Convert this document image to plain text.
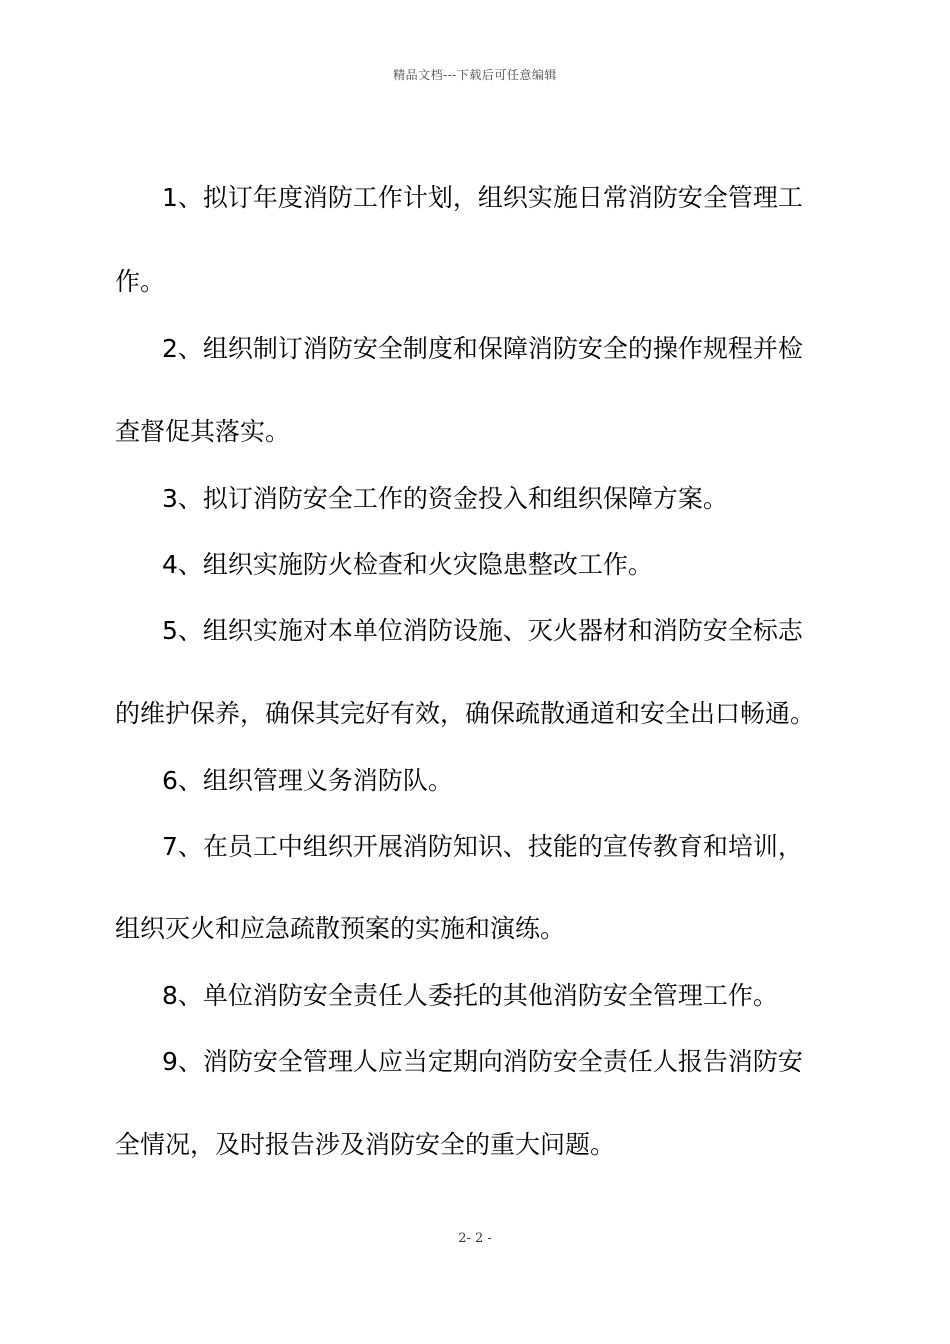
精品文档---下载后可任意编辑
1、拟订年度消防工作计划，组织实施日常消防安全管理工
作。
2、组织制订消防安全制度和保障消防安全的操作规程并检
查督促其落实。
3、拟订消防安全工作的资金投入和组织保障方案。
4、组织实施防火检查和火灾隐患整改工作。
5、组织实施对本单位消防设施、灭火器材和消防安全标志
的维护保养，确保其完好有效，确保疏散通道和安全出口畅通。
6、组织管理义务消防队。
7、在员工中组织开展消防知识、技能的宣传教育和培训，
组织灭火和应急疏散预案的实施和演练。
8、单位消防安全责任人委托的其他消防安全管理工作。
9、消防安全管理人应当定期向消防安全责任人报告消防安
全情况，及时报告涉及消防安全的重大问题。
2- 2 -
